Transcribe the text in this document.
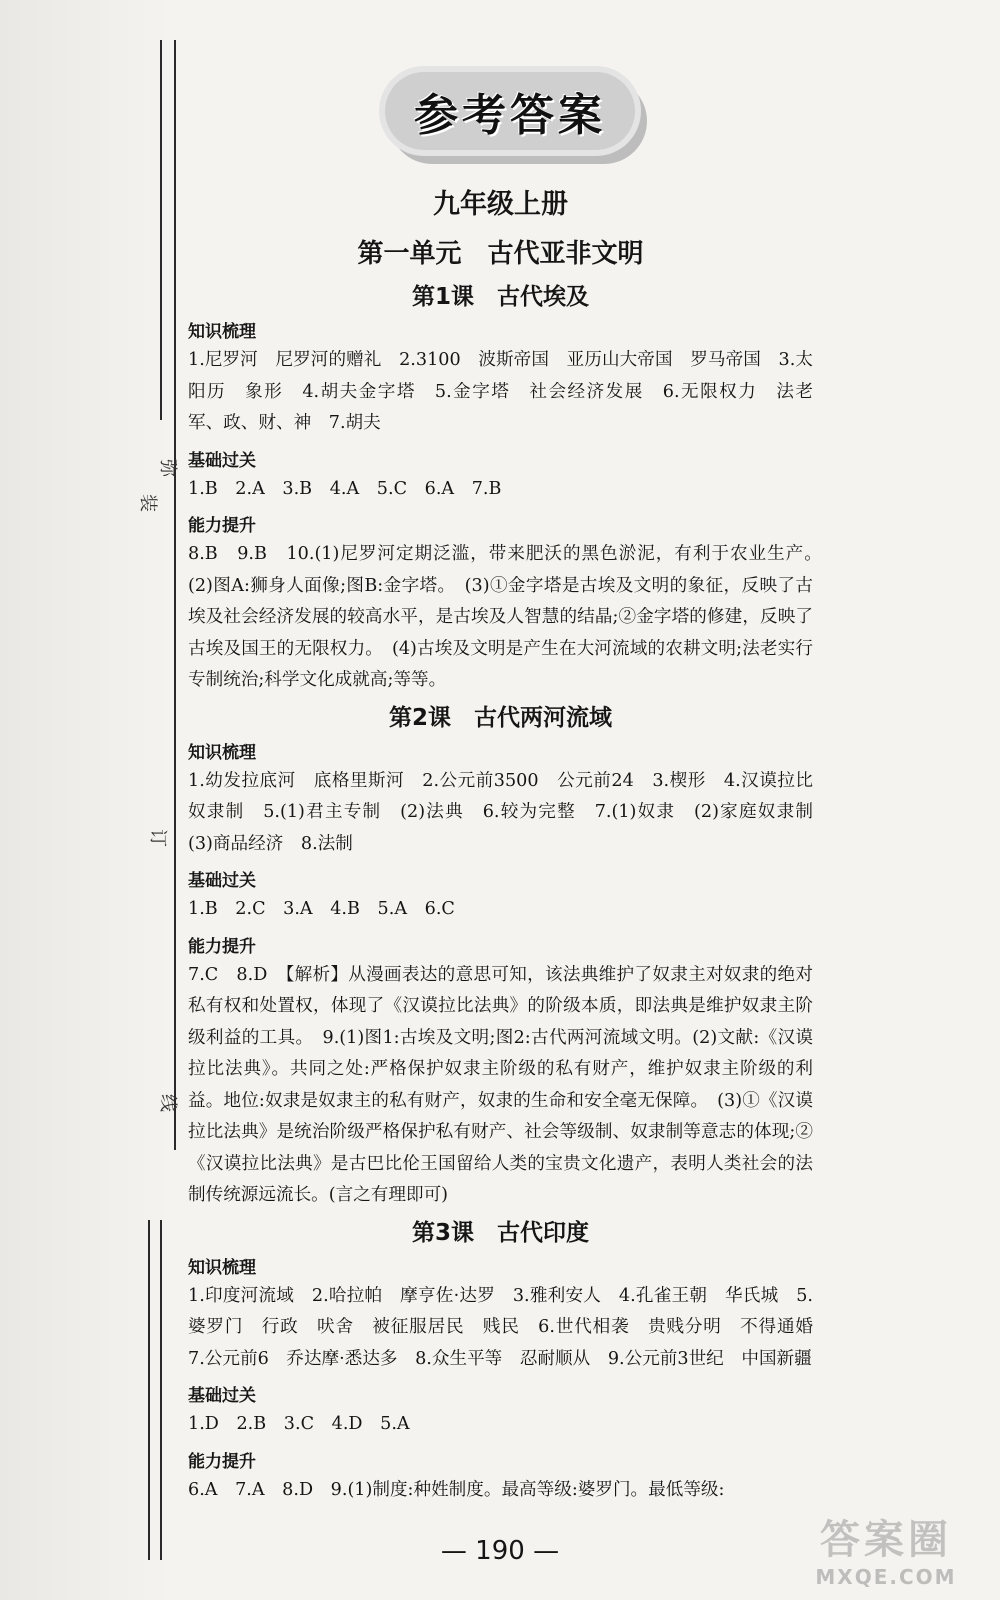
弥
装
订
线
参考答案
九年级上册
第一单元　古代亚非文明
第1课　古代埃及
知识梳理

1.尼罗河　尼罗河的赠礼　2.3100　波斯帝国　亚历山大帝国　罗马帝国　3.太阳历　象形　4.胡夫金字塔　5.金字塔　社会经济发展　6.无限权力　法老　军、政、财、神　7.胡夫

基础过关

1.B　2.A　3.B　4.A　5.C　6.A　7.B

能力提升

8.B　9.B　10.(1)尼罗河定期泛滥，带来肥沃的黑色淤泥，有利于农业生产。　(2)图A:狮身人面像;图B:金字塔。　(3)①金字塔是古埃及文明的象征，反映了古埃及社会经济发展的较高水平，是古埃及人智慧的结晶;②金字塔的修建，反映了古埃及国王的无限权力。　(4)古埃及文明是产生在大河流域的农耕文明;法老实行专制统治;科学文化成就高;等等。

第2课　古代两河流域
知识梳理

1.幼发拉底河　底格里斯河　2.公元前3500　公元前24　3.楔形　4.汉谟拉比　奴隶制　5.(1)君主专制　(2)法典　6.较为完整　7.(1)奴隶　(2)家庭奴隶制　(3)商品经济　8.法制

基础过关

1.B　2.C　3.A　4.B　5.A　6.C

能力提升

7.C　8.D　【解析】从漫画表达的意思可知，该法典维护了奴隶主对奴隶的绝对私有权和处置权，体现了《汉谟拉比法典》的阶级本质，即法典是维护奴隶主阶级利益的工具。　9.(1)图1:古埃及文明;图2:古代两河流域文明。(2)文献:《汉谟拉比法典》。共同之处:严格保护奴隶主阶级的私有财产，维护奴隶主阶级的利益。地位:奴隶是奴隶主的私有财产，奴隶的生命和安全毫无保障。　(3)①《汉谟拉比法典》是统治阶级严格保护私有财产、社会等级制、奴隶制等意志的体现;②《汉谟拉比法典》是古巴比伦王国留给人类的宝贵文化遗产，表明人类社会的法制传统源远流长。(言之有理即可)

第3课　古代印度
知识梳理

1.印度河流域　2.哈拉帕　摩亨佐·达罗　3.雅利安人　4.孔雀王朝　华氏城　5.婆罗门　行政　吠舍　被征服居民　贱民　6.世代相袭　贵贱分明　不得通婚　7.公元前6　乔达摩·悉达多　8.众生平等　忍耐顺从　9.公元前3世纪　中国新疆

基础过关

1.D　2.B　3.C　4.D　5.A

能力提升

6.A　7.A　8.D　9.(1)制度:种姓制度。最高等级:婆罗门。最低等级:

— 190 —	答案圈
MXQE.COM
